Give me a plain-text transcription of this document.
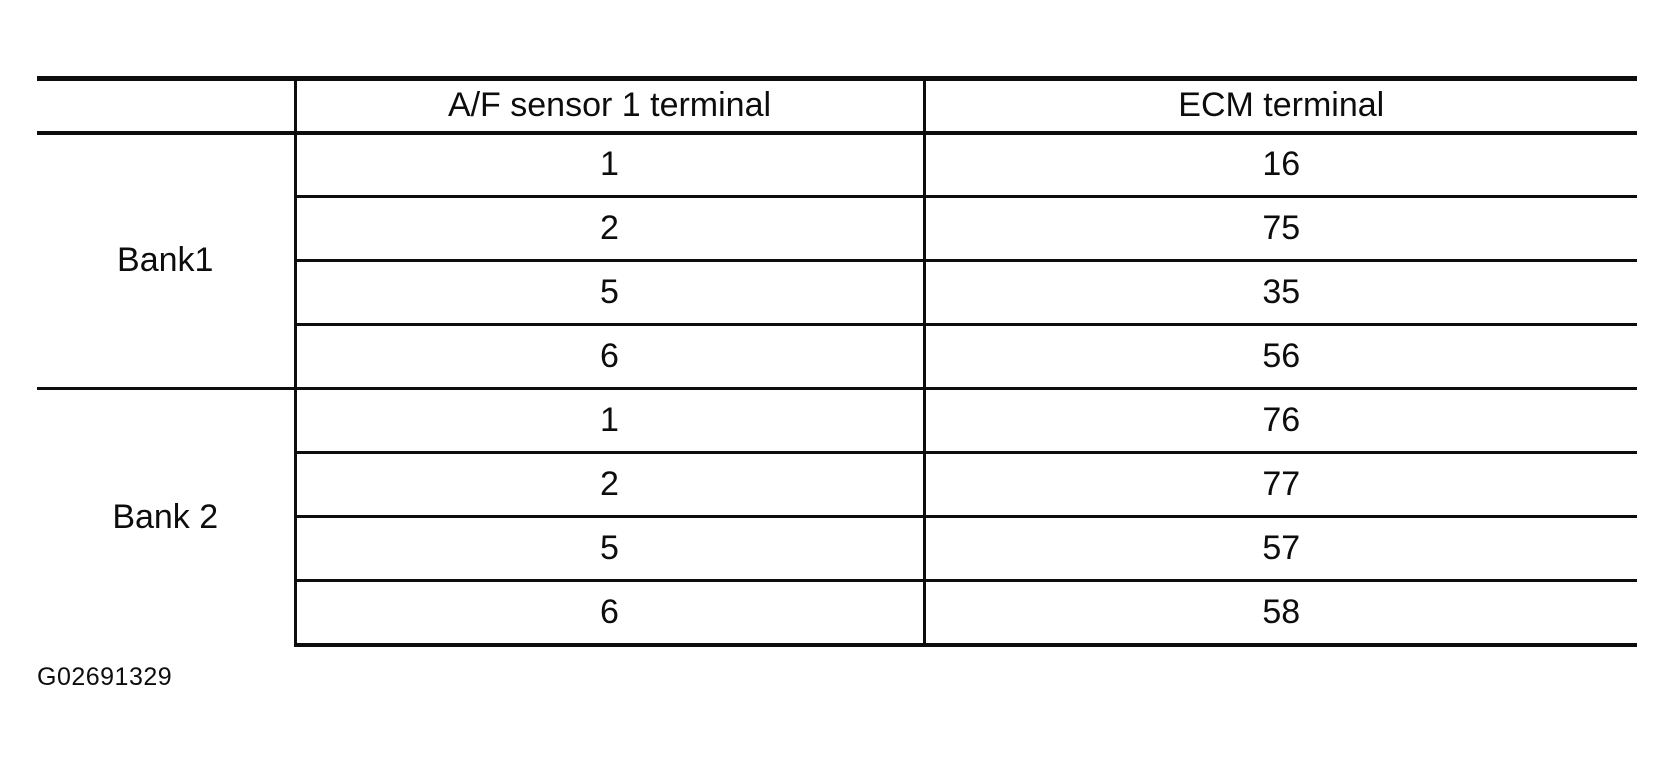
	A/F sensor 1 terminal	ECM terminal
Bank1	1	16
	2	75
	5	35
	6	56
Bank 2	1	76
	2	77
	5	57
	6	58
G02691329
